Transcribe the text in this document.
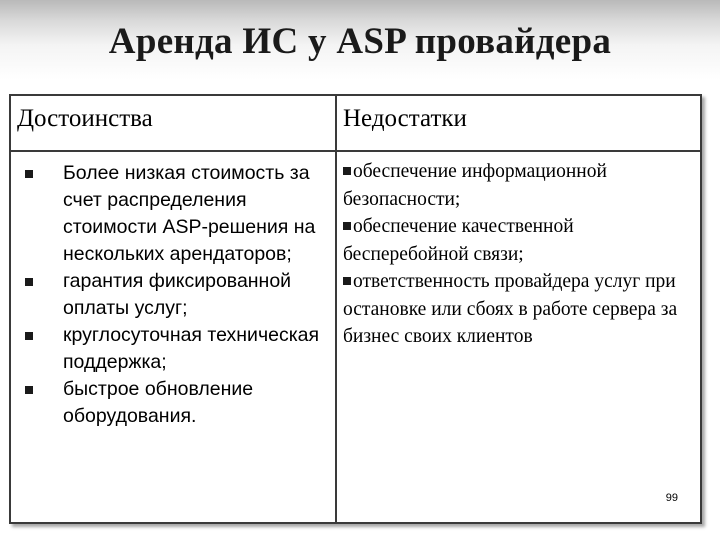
Аренда ИС у ASP провайдера
Достоинства	Недостатки
Более низкая стоимость за счет распределения стоимости ASP-решения на нескольких арендаторов;
гарантия фиксированной оплаты услуг;
круглосуточная техническая поддержка;
быстрое обновление оборудования.
обеспечение информационной безопасности;
обеспечение качественной бесперебойной связи;
ответственность провайдера услуг при остановке или сбоях в работе сервера за бизнес своих клиентов
99
